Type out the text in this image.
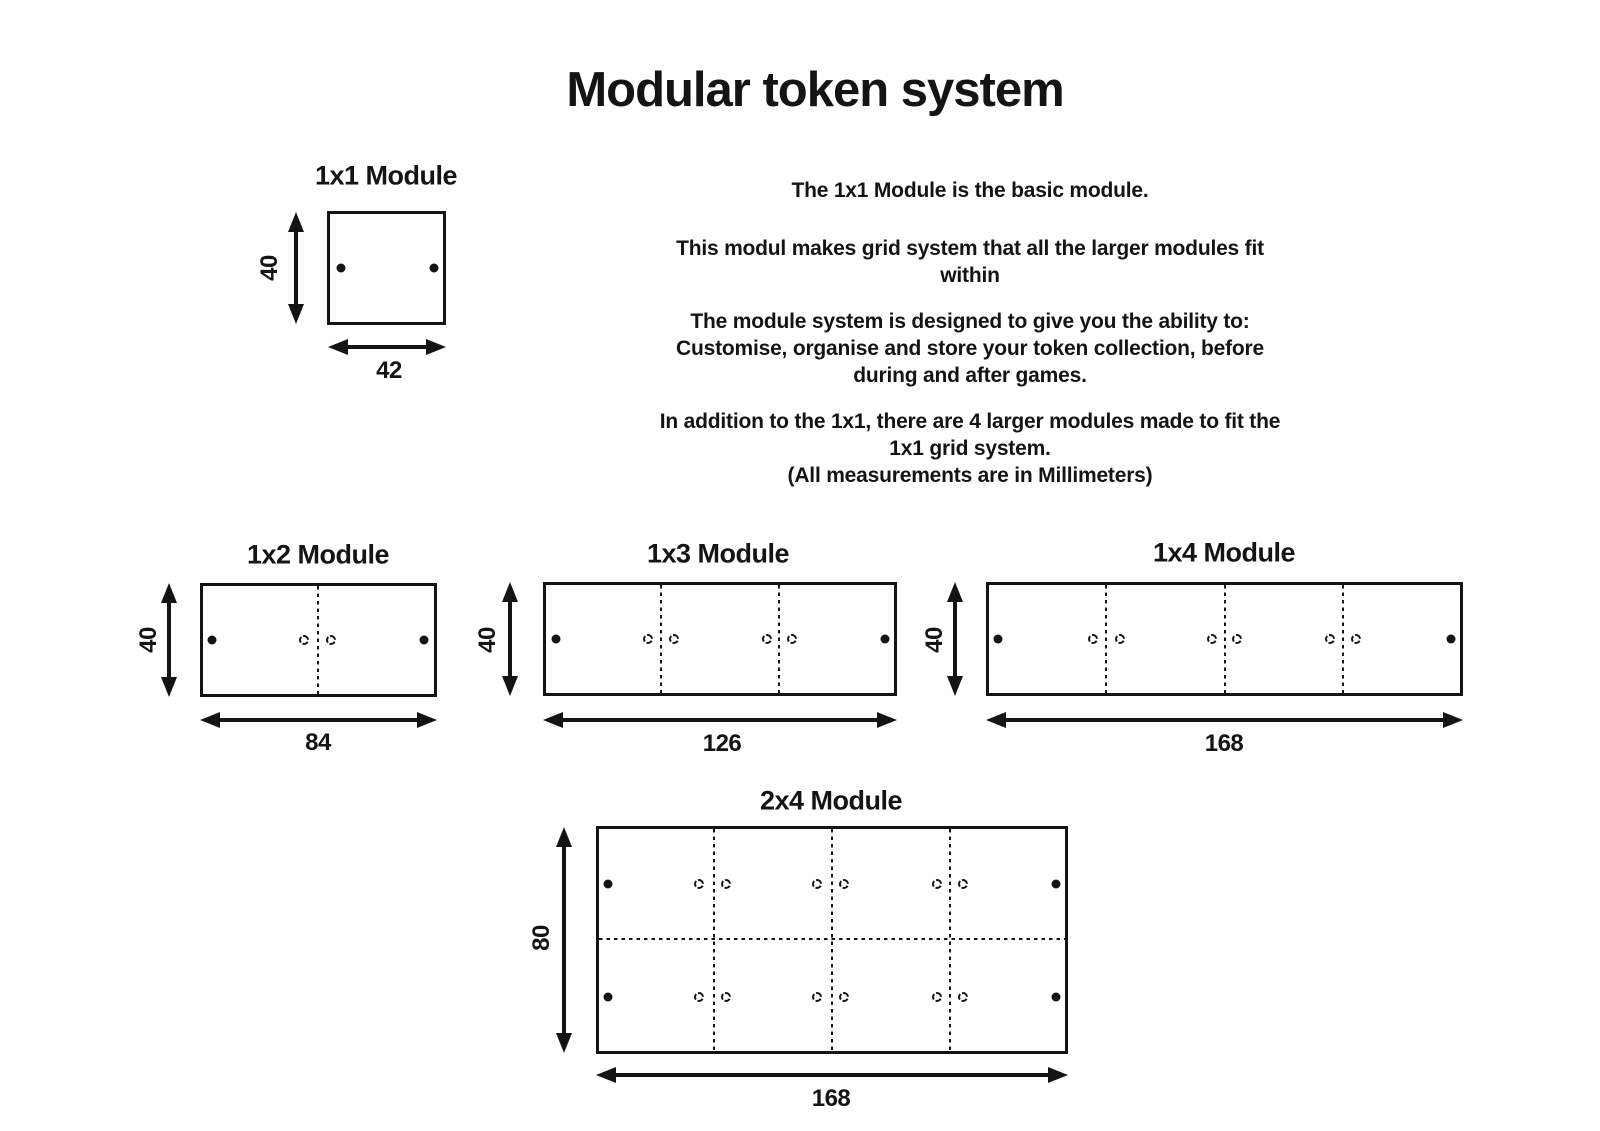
Modular token system
The 1x1 Module is the basic module.
This modul makes grid system that all the larger modules fit
within
The module system is designed to give you the ability to:
Customise, organise and store your token collection, before
during and after games.
In addition to the 1x1, there are 4 larger modules made to fit the
1x1 grid system.
(All measurements are in Millimeters)
1x1 Module
40
42
1x2 Module
40
84
1x3 Module
40
126
1x4 Module
40
168
2x4 Module
80
168
